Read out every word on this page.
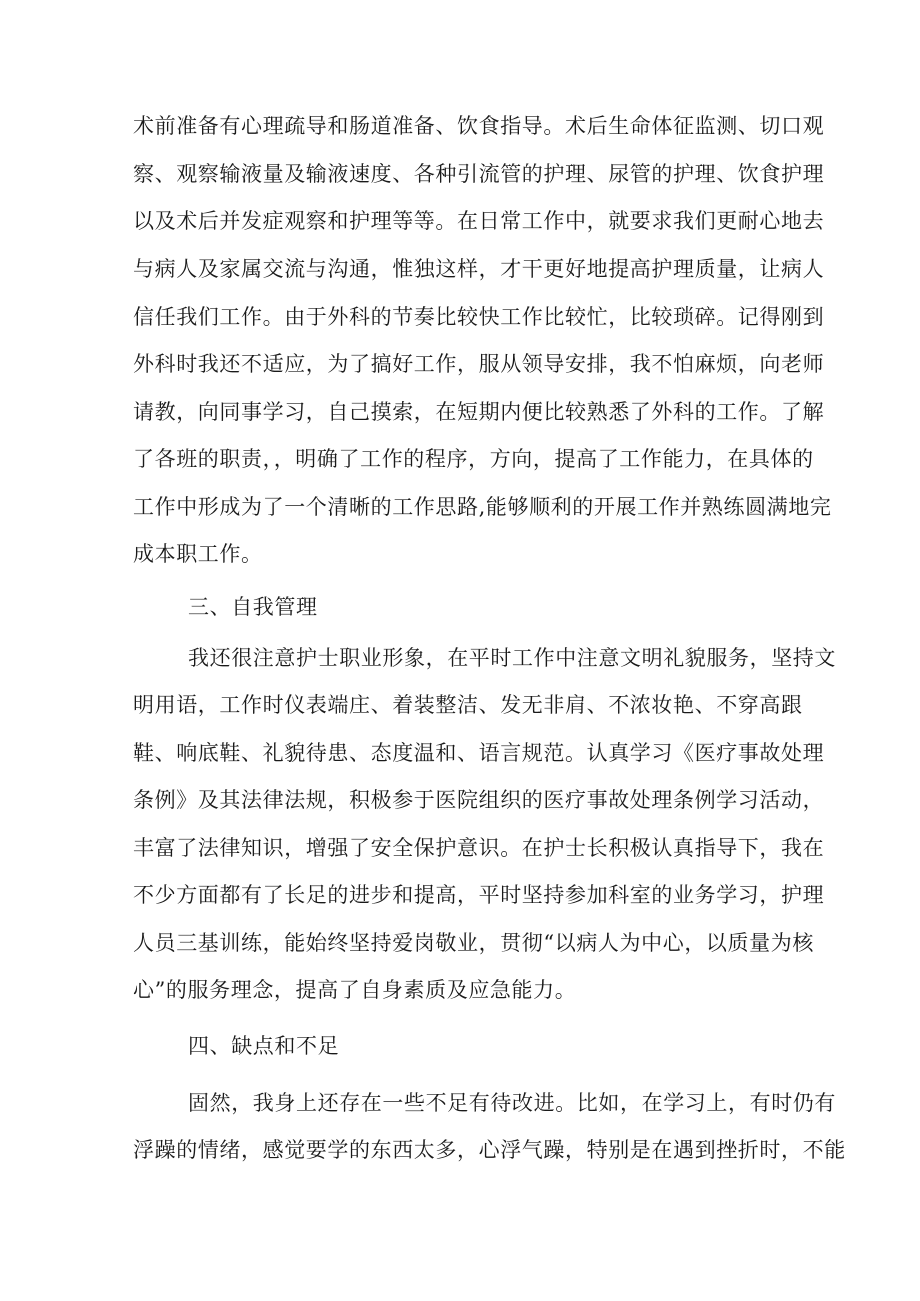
术前准备有心理疏导和肠道准备、饮食指导。术后生命体征监测、切口观
察、观察输液量及输液速度、各种引流管的护理、尿管的护理、饮食护理
以及术后并发症观察和护理等等。在日常工作中，就要求我们更耐心地去
与病人及家属交流与沟通，惟独这样，才干更好地提高护理质量，让病人
信任我们工作。由于外科的节奏比较快工作比较忙，比较琐碎。记得刚到
外科时我还不适应，为了搞好工作，服从领导安排，我不怕麻烦，向老师
请教，向同事学习，自己摸索，在短期内便比较熟悉了外科的工作。了解
了各班的职责，，明确了工作的程序，方向，提高了工作能力，在具体的
工作中形成为了一个清晰的工作思路,能够顺利的开展工作并熟练圆满地完
成本职工作。
三、自我管理
我还很注意护士职业形象，在平时工作中注意文明礼貌服务，坚持文
明用语，工作时仪表端庄、着装整洁、发无非肩、不浓妆艳、不穿高跟
鞋、响底鞋、礼貌待患、态度温和、语言规范。认真学习《医疗事故处理
条例》及其法律法规，积极参于医院组织的医疗事故处理条例学习活动，
丰富了法律知识，增强了安全保护意识。在护士长积极认真指导下，我在
不少方面都有了长足的进步和提高，平时坚持参加科室的业务学习，护理
人员三基训练，能始终坚持爱岗敬业，贯彻“以病人为中心，以质量为核
心”的服务理念，提高了自身素质及应急能力。
四、缺点和不足
固然，我身上还存在一些不足有待改进。比如，在学习上，有时仍有
浮躁的情绪，感觉要学的东西太多，心浮气躁，特别是在遇到挫折时，不能
